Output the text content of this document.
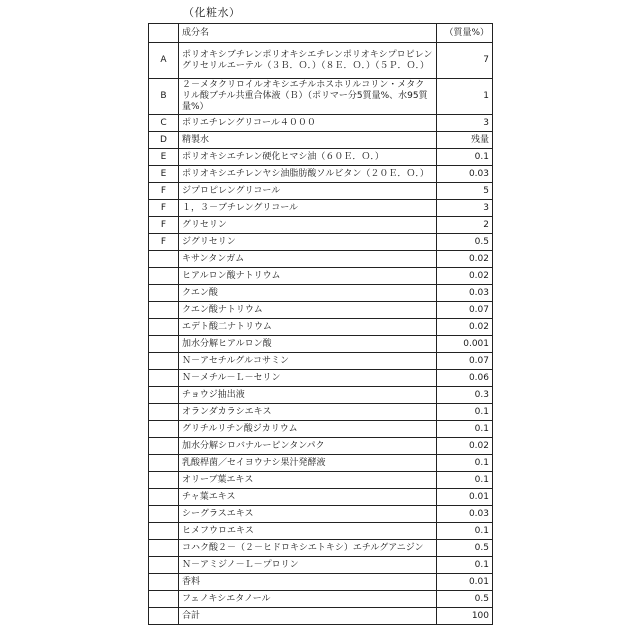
（化粧水）
	成分名	（質量%）
A	ポリオキシブチレンポリオキシエチレンポリオキシプロピレングリセリルエーテル（３Ｂ．Ｏ．）（８Ｅ．Ｏ．）（５Ｐ．Ｏ．）	7
B	２－メタクリロイルオキシエチルホスホリルコリン・メタクリル酸ブチル共重合体液（Ｂ）（ポリマー分5質量%、水95質量%）	1
C	ポリエチレングリコール４０００	3
D	精製水	残量
E	ポリオキシエチレン硬化ヒマシ油（６０Ｅ．Ｏ．）	0.1
E	ポリオキシエチレンヤシ油脂肪酸ソルビタン（２０Ｅ．Ｏ．）	0.03
F	ジプロピレングリコール	5
F	１，３－ブチレングリコール	3
F	グリセリン	2
F	ジグリセリン	0.5
	キサンタンガム	0.02
	ヒアルロン酸ナトリウム	0.02
	クエン酸	0.03
	クエン酸ナトリウム	0.07
	エデト酸二ナトリウム	0.02
	加水分解ヒアルロン酸	0.001
	Ｎ－アセチルグルコサミン	0.07
	Ｎ－メチル－Ｌ－セリン	0.06
	チョウジ抽出液	0.3
	オランダカラシエキス	0.1
	グリチルリチン酸ジカリウム	0.1
	加水分解シロバナルーピンタンパク	0.02
	乳酸桿菌／セイヨウナシ果汁発酵液	0.1
	オリーブ葉エキス	0.1
	チャ葉エキス	0.01
	シーグラスエキス	0.03
	ヒメフウロエキス	0.1
	コハク酸２－（２－ヒドロキシエトキシ）エチルグアニジン	0.5
	Ｎ－アミジノ－Ｌ－プロリン	0.1
	香料	0.01
	フェノキシエタノール	0.5
	合計	100
